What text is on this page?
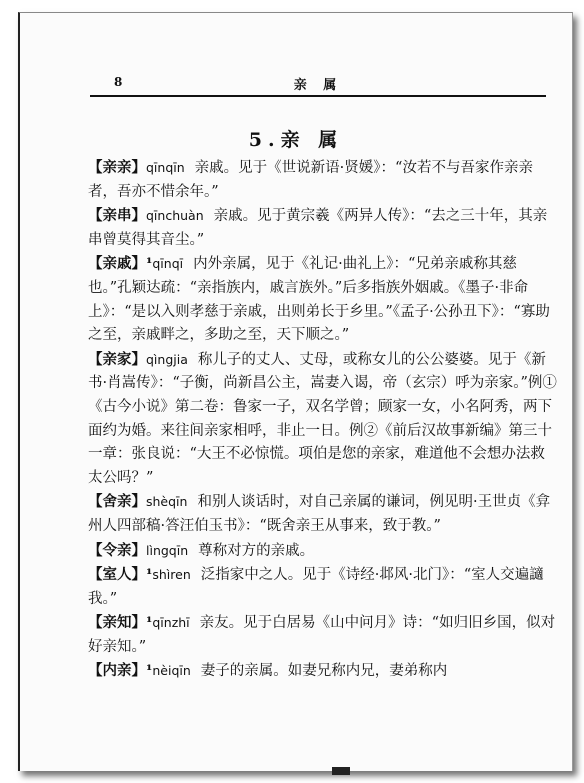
8	亲 属
5.亲 属

【亲亲】qīnqīn 亲戚。见于《世说新语·贤媛》：“汝若不与吾家作亲亲者，吾亦不惜余年。”

【亲串】qīnchuàn 亲戚。见于黄宗羲《两异人传》：“去之三十年，其亲串曾莫得其音尘。”

【亲戚】¹qīnqī 内外亲属，见于《礼记·曲礼上》：“兄弟亲戚称其慈也。”孔颖达疏：“亲指族内，戚言族外。”后多指族外姻戚。《墨子·非命上》：“是以入则孝慈于亲戚，出则弟长于乡里。”《孟子·公孙丑下》：“寡助之至，亲戚畔之，多助之至，天下顺之。”

【亲家】qìngjia 称儿子的丈人、丈母，或称女儿的公公婆婆。见于《新书·肖嵩传》：“子衡，尚新昌公主，嵩妻入谒，帝（玄宗）呼为亲家。”例①《古今小说》第二卷：鲁家一子，双名学曾；顾家一女，小名阿秀，两下面约为婚。来往间亲家相呼，非止一日。例②《前后汉故事新编》第三十一章：张良说：“大王不必惊慌。项伯是您的亲家，难道他不会想办法救太公吗？”

【舍亲】shèqīn 和别人谈话时，对自己亲属的谦词，例见明·王世贞《弇州人四部稿·答汪伯玉书》：“既舍亲王从事来，致于教。”

【令亲】lìngqīn 尊称对方的亲戚。

【室人】¹shìren 泛指家中之人。见于《诗经·邶风·北门》：“室人交遍讁我。”

【亲知】¹qīnzhī 亲友。见于白居易《山中问月》诗：“如归旧乡国，似对好亲知。”

【内亲】¹nèiqīn 妻子的亲属。如妻兄称内兄，妻弟称内
